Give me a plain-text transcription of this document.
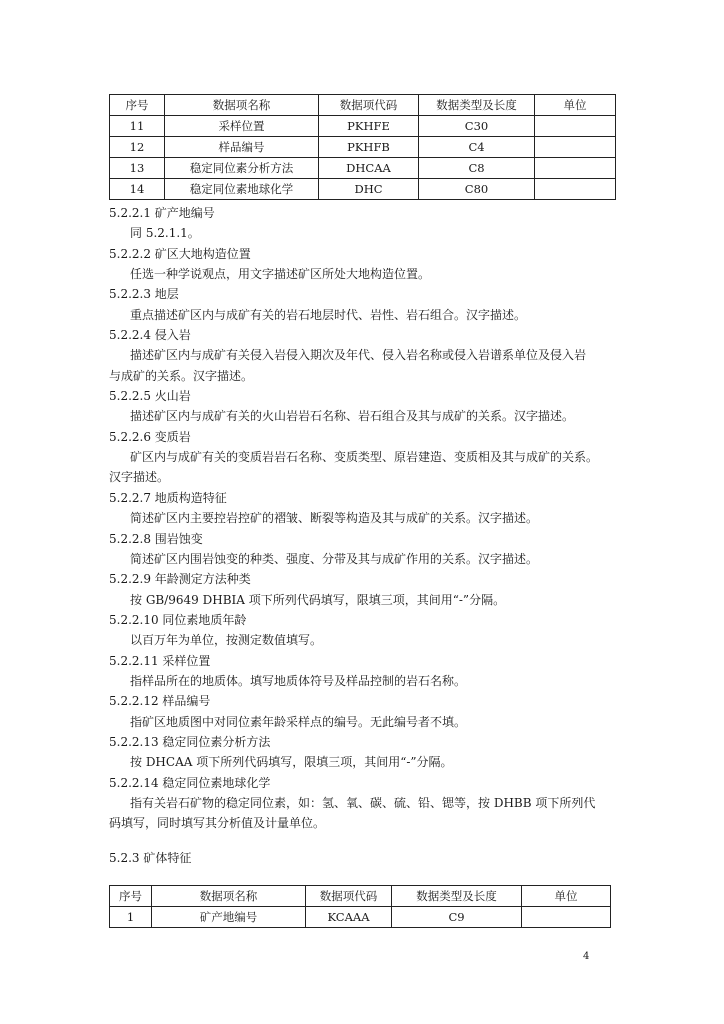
序号	数据项名称	数据项代码	数据类型及长度	单位
11	采样位置	PKHFE	C30	
12	样品编号	PKHFB	C4	
13	稳定同位素分析方法	DHCAA	C8	
14	稳定同位素地球化学	DHC	C80	
5.2.2.1 矿产地编号
同 5.2.1.1。
5.2.2.2 矿区大地构造位置
任选一种学说观点，用文字描述矿区所处大地构造位置。
5.2.2.3 地层
重点描述矿区内与成矿有关的岩石地层时代、岩性、岩石组合。汉字描述。
5.2.2.4 侵入岩
描述矿区内与成矿有关侵入岩侵入期次及年代、侵入岩名称或侵入岩谱系单位及侵入岩
与成矿的关系。汉字描述。
5.2.2.5 火山岩
描述矿区内与成矿有关的火山岩岩石名称、岩石组合及其与成矿的关系。汉字描述。
5.2.2.6 变质岩
矿区内与成矿有关的变质岩岩石名称、变质类型、原岩建造、变质相及其与成矿的关系。
汉字描述。
5.2.2.7 地质构造特征
简述矿区内主要控岩控矿的褶皱、断裂等构造及其与成矿的关系。汉字描述。
5.2.2.8 围岩蚀变
简述矿区内围岩蚀变的种类、强度、分带及其与成矿作用的关系。汉字描述。
5.2.2.9 年龄测定方法种类
按 GB/9649 DHBIA 项下所列代码填写，限填三项，其间用“-”分隔。
5.2.2.10 同位素地质年龄
以百万年为单位，按测定数值填写。
5.2.2.11 采样位置
指样品所在的地质体。填写地质体符号及样品控制的岩石名称。
5.2.2.12 样品编号
指矿区地质图中对同位素年龄采样点的编号。无此编号者不填。
5.2.2.13 稳定同位素分析方法
按 DHCAA 项下所列代码填写，限填三项，其间用“-”分隔。
5.2.2.14 稳定同位素地球化学
指有关岩石矿物的稳定同位素，如：氢、氧、碳、硫、铅、锶等，按 DHBB 项下所列代
码填写，同时填写其分析值及计量单位。
5.2.3 矿体特征
序号	数据项名称	数据项代码	数据类型及长度	单位
1	矿产地编号	KCAAA	C9	
4
